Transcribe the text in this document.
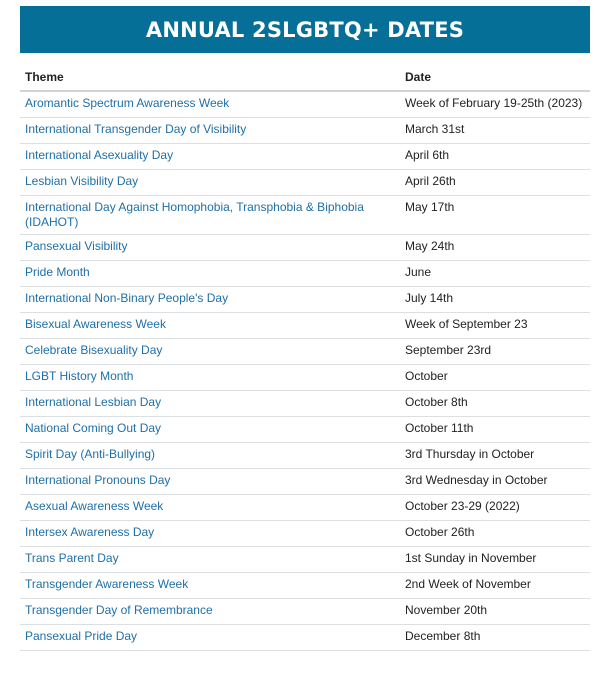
ANNUAL 2SLGBTQ+ DATES
Theme	Date
Aromantic Spectrum Awareness Week	Week of February 19-25th (2023)
International Transgender Day of Visibility	March 31st
International Asexuality Day	April 6th
Lesbian Visibility Day	April 26th
International Day Against Homophobia, Transphobia & Biphobia (IDAHOT)	May 17th
Pansexual Visibility	May 24th
Pride Month	June
International Non-Binary People's Day	July 14th
Bisexual Awareness Week	Week of September 23
Celebrate Bisexuality Day	September 23rd
LGBT History Month	October
International Lesbian Day	October 8th
National Coming Out Day	October 11th
Spirit Day (Anti-Bullying)	3rd Thursday in October
International Pronouns Day	3rd Wednesday in October
Asexual Awareness Week	October 23-29 (2022)
Intersex Awareness Day	October 26th
Trans Parent Day	1st Sunday in November
Transgender Awareness Week	2nd Week of November
Transgender Day of Remembrance	November 20th
Pansexual Pride Day	December 8th
